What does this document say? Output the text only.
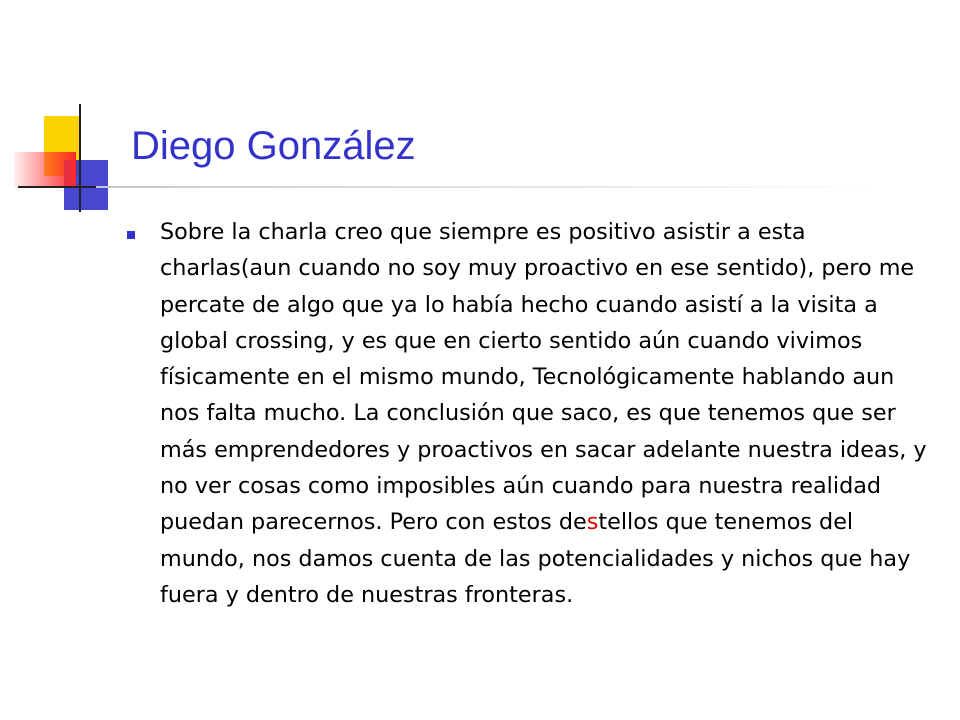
Diego González

Sobre la charla creo que siempre es positivo asistir a esta charlas(aun cuando no soy muy proactivo en ese sentido), pero me percate de algo que ya lo había hecho cuando asistí a la visita a global crossing, y es que en cierto sentido aún cuando vivimos físicamente en el mismo mundo, Tecnológicamente hablando aun nos falta mucho. La conclusión que saco, es que tenemos que ser más emprendedores y proactivos en sacar adelante nuestra ideas, y no ver cosas como imposibles aún cuando para nuestra realidad puedan parecernos. Pero con estos destellos que tenemos del mundo, nos damos cuenta de las potencialidades y nichos que hay fuera y dentro de nuestras fronteras.
